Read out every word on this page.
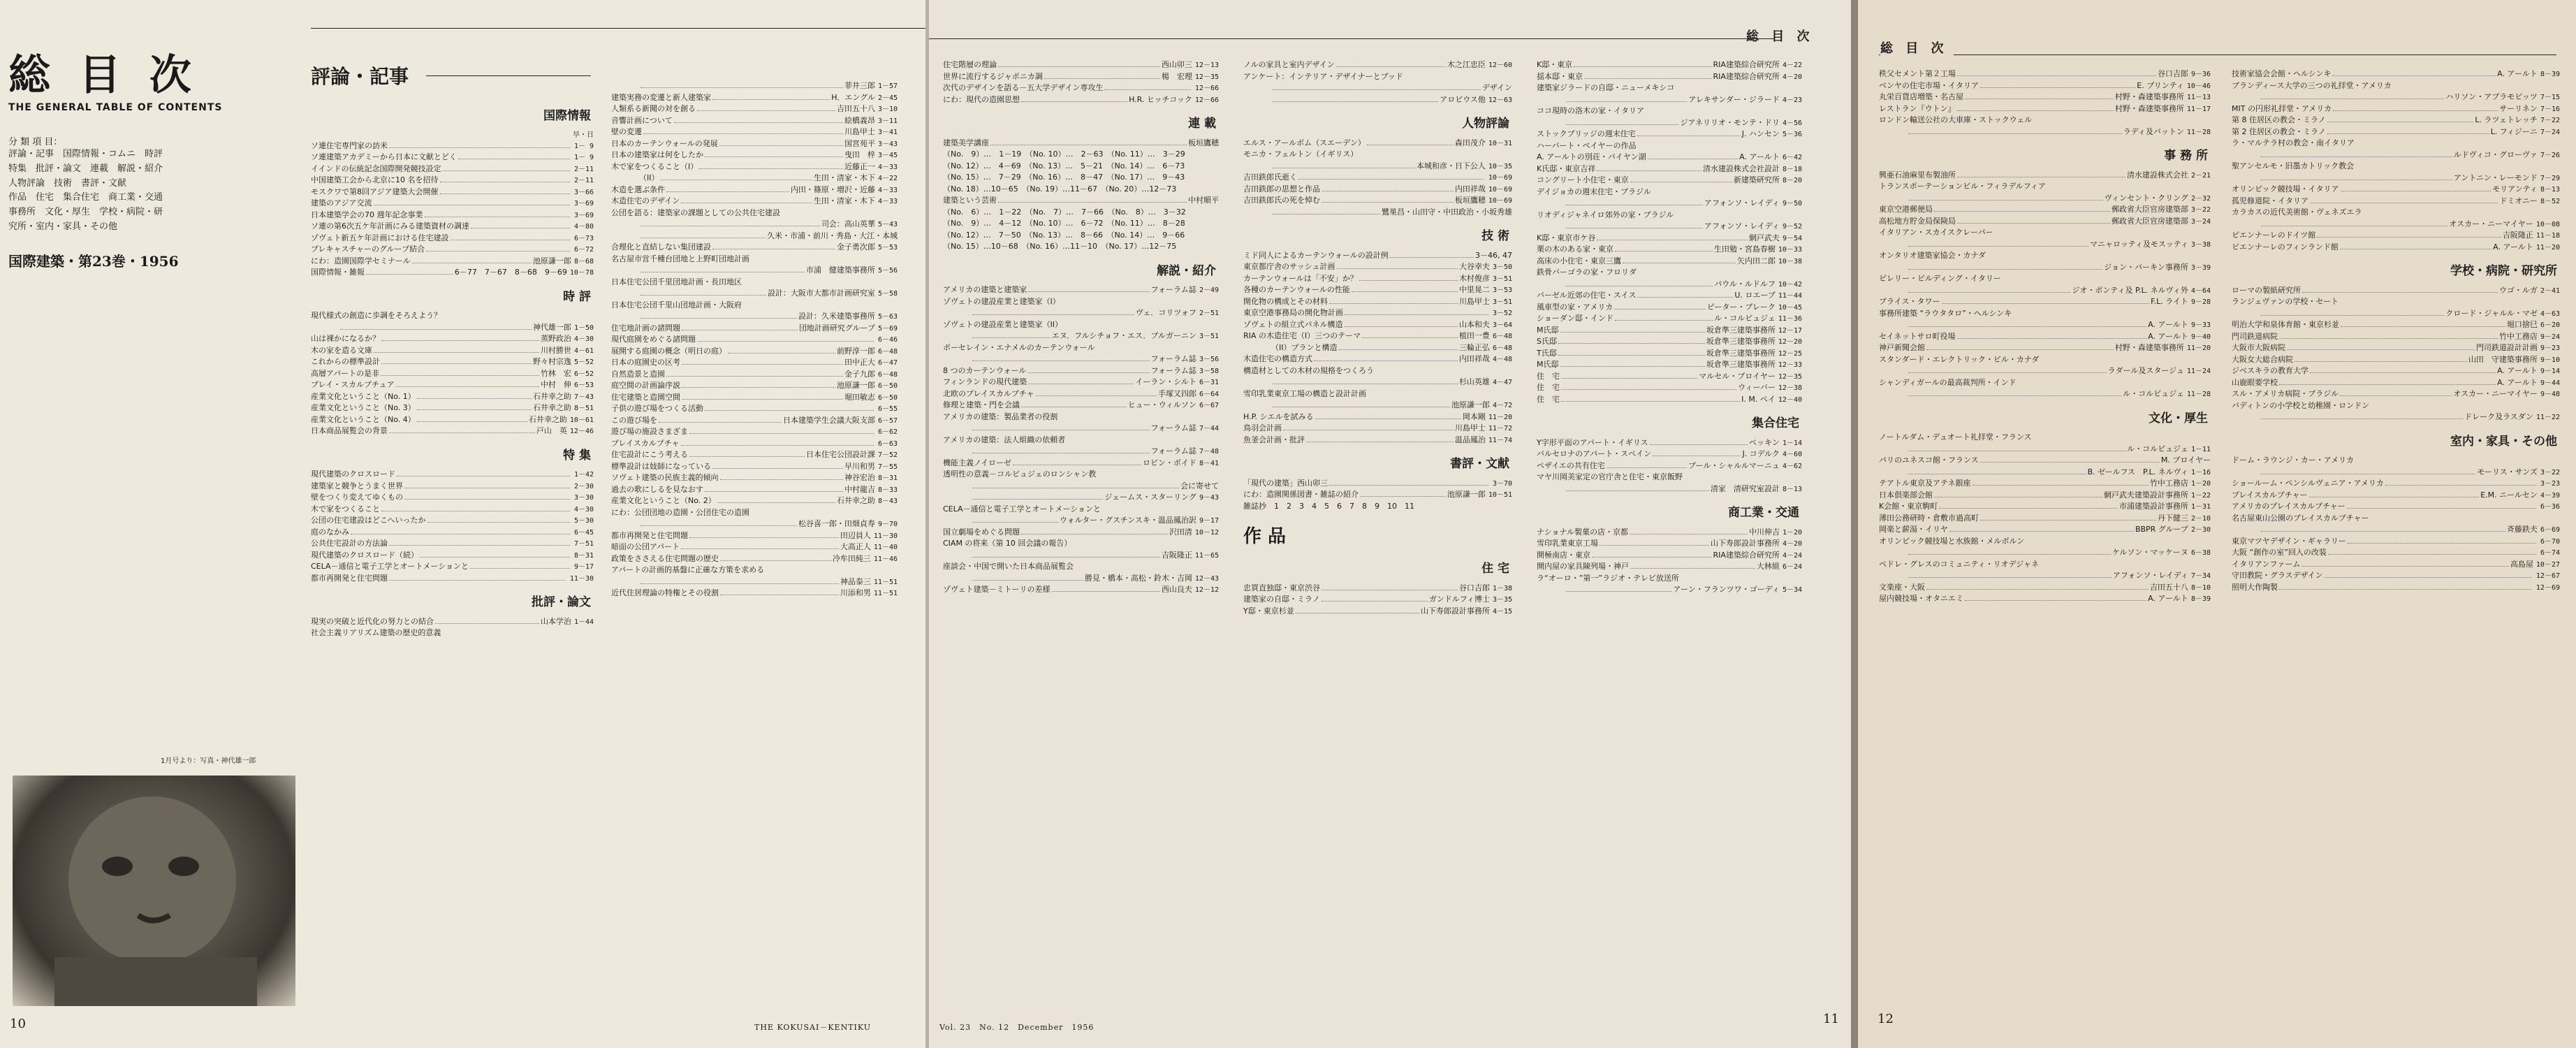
総 目 次
THE GENERAL TABLE OF CONTENTS
分 類 項 目：
評論・記事　国際情報・コムニ　時評
特集　批評・論文　連載　解説・紹介
人物評論　技術　書評・文献
作品　住宅　集合住宅　商工業・交通
事務所　文化・厚生　学校・病院・研
究所・室内・家具・その他
国際建築・第23巻・1956
1月号より：写真・神代雄一郎
10
評論・記事
国際情報
早・日
ソ連住宅専門家の訪米	1－ 9
ソ連建築アカデミーから日本に文献とどく	1－ 9
イインドの伝統記念国際開発競技設定	2－11
中国建築工会から北京に10 名を招待	2－11
モスクワで第8回アジア建築大会開催	3－66
建築のアジア交流	3－69
日本建築学会の70 週年記念事業	3－69
ソ連の第6次五ケ年計画にみる建築資材の調達	4－80
ゾヴェト新五ケ年計画における住宅建設	6－73
プレキャスチャーのグループ結合	6－72
にわ：造園国際学セミナール	池原謙一郎 8－68
国際情報・雑報	6－77　7－67　8－68　9－69 10－78
時 評
現代様式の創造に歩調をそろえよう？
神代雄一郎 1－50
山は裸かになるか？	蒸野政治 4－30
木の家を造る文庫	川村勝世 4－61
これからの標準設計	野々村宗逸 5－52
高層アパートの是非	竹林　宏 6－52
プレイ・スカルプチュア	中村　伸 6－53
産業文化ということ（No. 1）	石井幸之助 7－43
産業文化ということ（No. 3）	石井幸之助 8－51
産業文化ということ（No. 4）	石井幸之助 10－61
日本商品展覧会の背景	戸山　英 12－46
特 集
現代建築のクロスロード	1－42
建築家と競争とうまく世界	2－30
壁をつくり変えてゆくもの	3－30
木で家をつくること	4－30
公団の住宅建設はどこへいったか	5－30
庭のなかみ	6－45
公共住宅設計の方法論	7－51
現代建築のクロスロード（続）	8－31
CELA－通信と電子工学とオートメーションと	9－17
都市再開発と住宅問題	11－30
批評・論文
現実の突破と近代化の努力との結合	山本学治 1－44
社会主義リアリズム建築の歴史的意義
菲井三郎 1－57
建築実務の変遷と新人建築家	H．エングル 2－45
人類系る新聞の対を創る	吉田五十八 3－10
音響計画について	絵橋義昂 3－11
壁の変遷	川島甲士 3－41
日本のカーテンウォールの発展	国宮苑平 3－43
日本の建築家は何をしたか	曳田　梓 3－45
木で家をつくること（I）	近藤正一 4－33
（II）	生田・清家・木下 4－22
木造を選ぶ条件	内田・篠原・増沢・近藤 4－33
木造住宅のデザイン	生田・清家・木下 4－33
公団を語る：建築家の課題としての公共住宅建設
司会：高山英華 5－43
久米・市浦・前川・秀島・大江・本城
合理化と直結しない集団建設	金子勇次郎 5－53
名古屋市営千種台団地と上野町団地計画
市浦　健建築事務所 5－56
日本住宅公団千里団地計画・長田地区
設計：大阪市大都市計画研究室 5－58
日本住宅公団千里山団地計画・大阪府
設計：久米建築事務所 5－63
住宅地計画の諸問題	団地計画研究グループ 5－69
現代庭園をめぐる諸問題	6－46
展開する庭園の概念（明日の庭）	前野淳一郎 6－48
日本の庭園史の区考	田中正大 6－47
自然造景と造園	金子九郎 6－48
庭空間の計画論序説	池原謙一郎 6－50
住宅建築と造園空間	堀田敏志 6－50
子供の遊び場をつくる活動	6－55
この遊び場を	日本建築学生会議大阪支部 6－57
遊び場の施設さまざま	6－62
プレイスカルプチャ	6－63
住宅設計にこう考える	日本住宅公団設計課 7－52
標準設計は妓師になっている	早川和男 7－55
ソヴェト建築の民族主義的傾向	神谷宏治 8－31
過去の歌にしるを見なおす	中村龍吉 8－33
産業文化ということ（No. 2）	石井幸之助 8－43
にわ：公団団地の造園・公団住宅の造園
松谷喜一郎・田畑貞寿 9－70
都市再開発と住宅問題	田辺員人 11－30
暗面の公団アパート	大高正人 11－40
政策をささえる住宅問題の歴史	冷牟田純三 11－46
アパートの計画的基盤に正確な方策を求める
神品泰三 11－51
近代住居理論の特権とその役割	川添和男 11－51
総 目 次
住宅階層の理論	西山卯三 12－13
世界に流行するジャポニカ調	楊　宏理 12－35
次代のデザインを語る－五大学デザイン専攻生	12－66
にわ：現代の造園思想	H.R. ヒッチコック 12－66
連 載
建築美学講座	板垣鷹穂
（No.　9）…　1－19　（No. 10）…　2－63　（No. 11）…　3－29
（No. 12）…　4－69　（No. 13）…　5－21　（No. 14）…　6－73
（No. 15）…　7－29　（No. 16）…　8－47　（No. 17）…　9－43
（No. 18）…10－65　（No. 19）…11－67　（No. 20）…12－73
建築という芸術	中村順平
（No.　6）…　1－22　（No.　7）…　7－66　（No.　8）…　3－32
（No.　9）…　4－12　（No. 10）…　6－72　（No. 11）…　8－28
（No. 12）…　7－50　（No. 13）…　8－66　（No. 14）…　9－66
（No. 15）…10－68　（No. 16）…11－10　（No. 17）…12－75
解説・紹介
アメリカの建築と建築家	フォーラム誌 2－49
ゾヴェトの建設産業と建築家（I）
ヴェ．コリツォフ 2－51
ゾヴェトの建設産業と建築家（II）
エヌ．フルシチョフ・エス．ブルガーニン 3－51
ポーセレイン・エナメルのカーテンウォール
フォーラム誌 3－56
8 つのカーテンウォール	フォーラム誌 3－58
フィンランドの現代建築	イーラン・シルト 6－31
北欧のプレイスカルプチャ	手塚又四郎 6－64
修理と建築・門を会議	ヒュー・ウィルソン 6－67
アメリカの建築：製品業者の役割
フォーラム誌 7－44
アメリカの建築：法人組織の依頼者
フォーラム誌 7－48
機能主義ノイローゼ	ロビン・ボイド 8－41
透明性の意義－コルビュジェのロンシャン教
会に寄せて
ジェームス・スターリング 9－43
CELA－通信と電子工学とオートメーションと
ウォルター・グスチンスキ・温品鳳治訳 9－17
国立劇場をめぐる問題	沢田清 10－12
CIAM の将来（第 10 回会議の報告）
吉阪隆正 11－65
座談会・中国で開いた日本商品展覧会
勝見・橋本・高松・鈴木・吉岡 12－43
ゾヴェト建築－ミトーリの差様	西山良夫 12－12
ノルの家具と室内デザイン	木之江忠臣 12－60
アンケート：インテリア・デザイナーとブッド
デザイン
アロビウス他 12－63
人物評論
エルス・アールボム（スエーデン）	森田茂介 10－31
モニカ・フェルトン（イギリス）
本城和彦・日下公人 10－35
吉田鉄郎氏逝く	10－69
吉田鉄郎の思想と作品	内田祥哉 10－69
吉田鉄郎氏の死を悼む	板垣鷹穂 10－69
鷺巣昌・山田守・中田政治・小坂秀雄
技 術
ミド同人によるカーテンウォールの設計例	3－46, 47
東京都庁舎のサッシュ計画	大谷幸夫 3－50
カーテンウォールは「不安」か？	木村俊彦 3－51
各種のカーテンウォールの性能	中里晃二 3－53
開化物の構成とその材料	川島甲士 3－51
東京空港事務局の開化物計画	3－52
ゾヴェトの組立式パネル構造	山本和夫 3－64
RIA の木造住宅（I）三つのテーマ	植田一豊 6－48
（II）プランと構造	三輪正弘 6－48
木造住宅の構造方式	内田祥哉 4－48
構造材としての木材の規格をつくろう
杉山英雄 4－47
雪印乳業東京工場の構造と設計計画
池原謙一郎 4－72
H.P. シエルを試みる	岡本剛 11－20
鳥羽会計画	川島甲士 11－72
魚釜会計画・批評	温品鳳治 11－74
書評・文献
「現代の建築」西山卯三	3－70
にわ：造園関係図書・雑誌の紹介	池原謙一郎 10－51
雑誌抄　1　2　3　4　5　6　7　8　9　10　11
作 品
住 宅
忠買直独邸・東京渋谷	谷口吉郎 1－38
建築家の自邸・ミラノ	ガンドルフィ博士 3－35
Y邸・東京杉並	山下寿郎設計事務所 4－15
K邸・東京	RIA建築綜合研究所 4－22
揺本邸・東京	RIA建築綜合研究所 4－20
建築家ジラードの自邸・ニューメキシコ
アレキサンダー・ジラード 4－23
ココ現時の洛木の家・イタリア
ジアネリリオ・モンテ・ドリ 4－56
ストックプリッジの週末住宅	J. ハンセン 5－36
ハーバート・ベイヤーの作品
A. アールトの別荘・パイヤン湖	A. アールト 6－42
K氏邸・東京吉祥	清水建設株式会社設計 8－18
コングリート小住宅・東京	新建築研究所 8－20
デイジョカの週末住宅・ブラジル
アフォンソ・レイディ 9－50
リオディジャネイロ郊外の家・ブラジル
アフォンソ・レイディ 9－52
K邸・東京市ケ谷	網戸武夫 9－54
栗の木のある家・東京	生田勉・宮島春樹 10－33
高床の小住宅・東京三鷹	矢内田二郎 10－38
鉄骨バーゴラの家・フロリダ
パウル・ルドルフ 10－42
バーゼル近郊の住宅・スイス	U. ロエーブ 11－44
風車型の家・アメリカ	ピーター・ブレーク 10－45
ショーダン邸・インド	ル・コルビュジェ 11－36
M氏邸	坂倉準三建築事務所 12－17
S氏邸	坂倉準三建築事務所 12－20
T氏邸	坂倉準三建築事務所 12－25
M氏邸	坂倉準三建築事務所 12－33
住　宅	マルセル・ブロイヤー 12－35
住　宅	ウィーバー 12－38
住　宅	I. M. ペイ 12－40
集合住宅
Y字形平面のアパート・イギリス	ペッキン 1－14
バルセロナのアパート・スペイン	J. コデルク 4－60
ペザイエの共有住宅	ブール・シャルルマーニュ 4－62
マヤ川岡美家定の官庁舎と住宅・東京飯野
清家　清研究室設計 8－13
商工業・交通
ナショナル製菓の店・京都	中川伸吉 1－20
雪印乳業東京工場	山下寿郎設計事務所 4－20
開極南店・東京	RIA建築綜合研究所 4－24
開内屋の家具陳列場・神戸	大林組 6－24
ラ“オーロ・”第一”ラジオ・テレビ放送所
アーン・フランツワ・ゴーディ 5－34
THE KOKUSAI－KENTIKU	Vol. 23　No. 12　December　1956
11
総 目 次
秩父セメント第２工場	谷口吉郎 9－36
ベンヤの住宅市場・イタリア	E. プリンティ 10－46
丸栄百貨店増築・名古屋	村野・森建築事務所 11－13
レストラン『ウトン』	村野・森建築事務所 11－17
ロンドン輸送公社の大車庫・ストックウェル
ラディ及バットン 11－28
事 務 所
興亜石油麻里布製油所	清水建設株式会社 2－21
トランスポーテーションビル・フィラデルフィア
ヴィンセント・クリング 2－32
東京空港郵便局	郵政省大臣官房建築部 3－22
高松地方貯金局保険局	郵政省大臣官房建築部 3－24
イタリアン・スカイスクレーパー
マニャロッティ及モスッティ 3－38
オンタリオ建築家協会・カナダ
ジョン・パーキン事務所 3－39
ピレリー・ビルディング・イタリー
ジオ・ポンティ及 P.L. ネルヴィ外 4－64
プライス・タワー	F.L. ライト 9－28
事務所建築 “ラウタタロ”・ヘルシンキ
A. アールト 9－33
セイネットサロ町役場	A. アールト 9－40
神戸新聞会館	村野・森建築事務所 11－20
スタンダード・エレクトリック・ビル・カナダ
ラダール及スタージュ 11－24
シャンディガールの最高裁判所・インド
ル・コルビュジェ 11－28
文化・厚生
ノートルダム・デュオート礼拝堂・フランス
ル・コルビュジェ 1－11
パリのユネスコ館・フランス	M. ブロイヤー
B. ゼールフス　P.L. ネルヴィ 1－16
テアトル東京及アテネ銀座	竹中工務店 1－20
日本倶楽部会館	網戸武夫建築設計事務所 1－22
K会館・東京駒町	市浦建築設計事務所 1－31
薄田公務研時・倉敷市過高町	丹下健三 2－10
岡楽と薪湯・イリヤ	BBPR グループ 2－30
オリンピック競技場と水族館・メルボルン
ケルソン・マッケーヌ 6－38
ペドレ・グレスのコミュニティ・リオデジャネ
アフォンソ・レイディ 7－34
文楽座・大阪	吉田五十八 8－10
屋内競技場・オタニエミ	A. アールト 8－39
技術家協会会館・ヘルシンキ	A. アールト 8－39
ブランディース大学の三つの礼拝堂・アメリカ
ハリソン・アブラモビッツ 7－15
MIT の円形礼拝堂・アメリカ	サーリネン 7－16
第 8 住居区の教会・ミラノ	L. ラツェトレッチ 7－22
第 2 住居区の教会・ミラノ	L. フィジーニ 7－24
ラ・マルテラ村の教会・南イタリア
ルドヴィコ・グローヴァ 7－26
聖アンセルモ・旧墨カトリック教会
アントニン・レーモンド 7－29
オリンピック競技場・イタリア	モリアンティ 8－13
孤児修道院・イタリア	ドミオニー 8－52
カラカスの近代美術館・ヴェネズエラ
オスカー・ニーマイヤー 10－08
ピエンナーレのドイツ館	吉阪隆正 11－18
ビエンナーレのフィンランド館	A. アールト 11－20
学校・病院・研究所
ローマの製紙研究所	ウゴ・ルガ 2－41
ランジェヴァンの学校・セート
クロード・ジャルル・マゼ 4－63
明治大学和泉体育館・東京杉並	堀口捨巳 6－20
門司鉄道病院	竹中工務店 9－24
大阪市大阪病院	門司鉄道設計計画 9－23
大阪女大総合病院	山田　守建築事務所 9－10
ジベスキラの教育大学	A. アールト 9－14
山鹿眼要学校	A. アールト 9－44
スル・アメリカ病院・ブラジル	オスカー・ニーマイヤー 9－48
バディトンの小学校と幼稚園・ロンドン
ドレーク及ラスダン 11－22
室内・家具・その他
ドーム・ラウンジ・カー・アメリカ
モーリス・サンズ 3－22
ショールーム・ペンシルヴェニア・アメリカ	3－23
プレイスカルプチャー	E.M. ニールセン 4－39
アメリカのプレイスカルプチャー	6－36
名古屋東山公園のプレイスカルプチャー
斉藤鉄夫 6－69
東京マツヤデザイン・ギャラリー	6－70
大阪 “創作の室”回入の改装	6－74
イタリアンファーム	高島屋 10－27
守田教院・グラスデザイン	12－67
照明大作陶製	12－69
12
